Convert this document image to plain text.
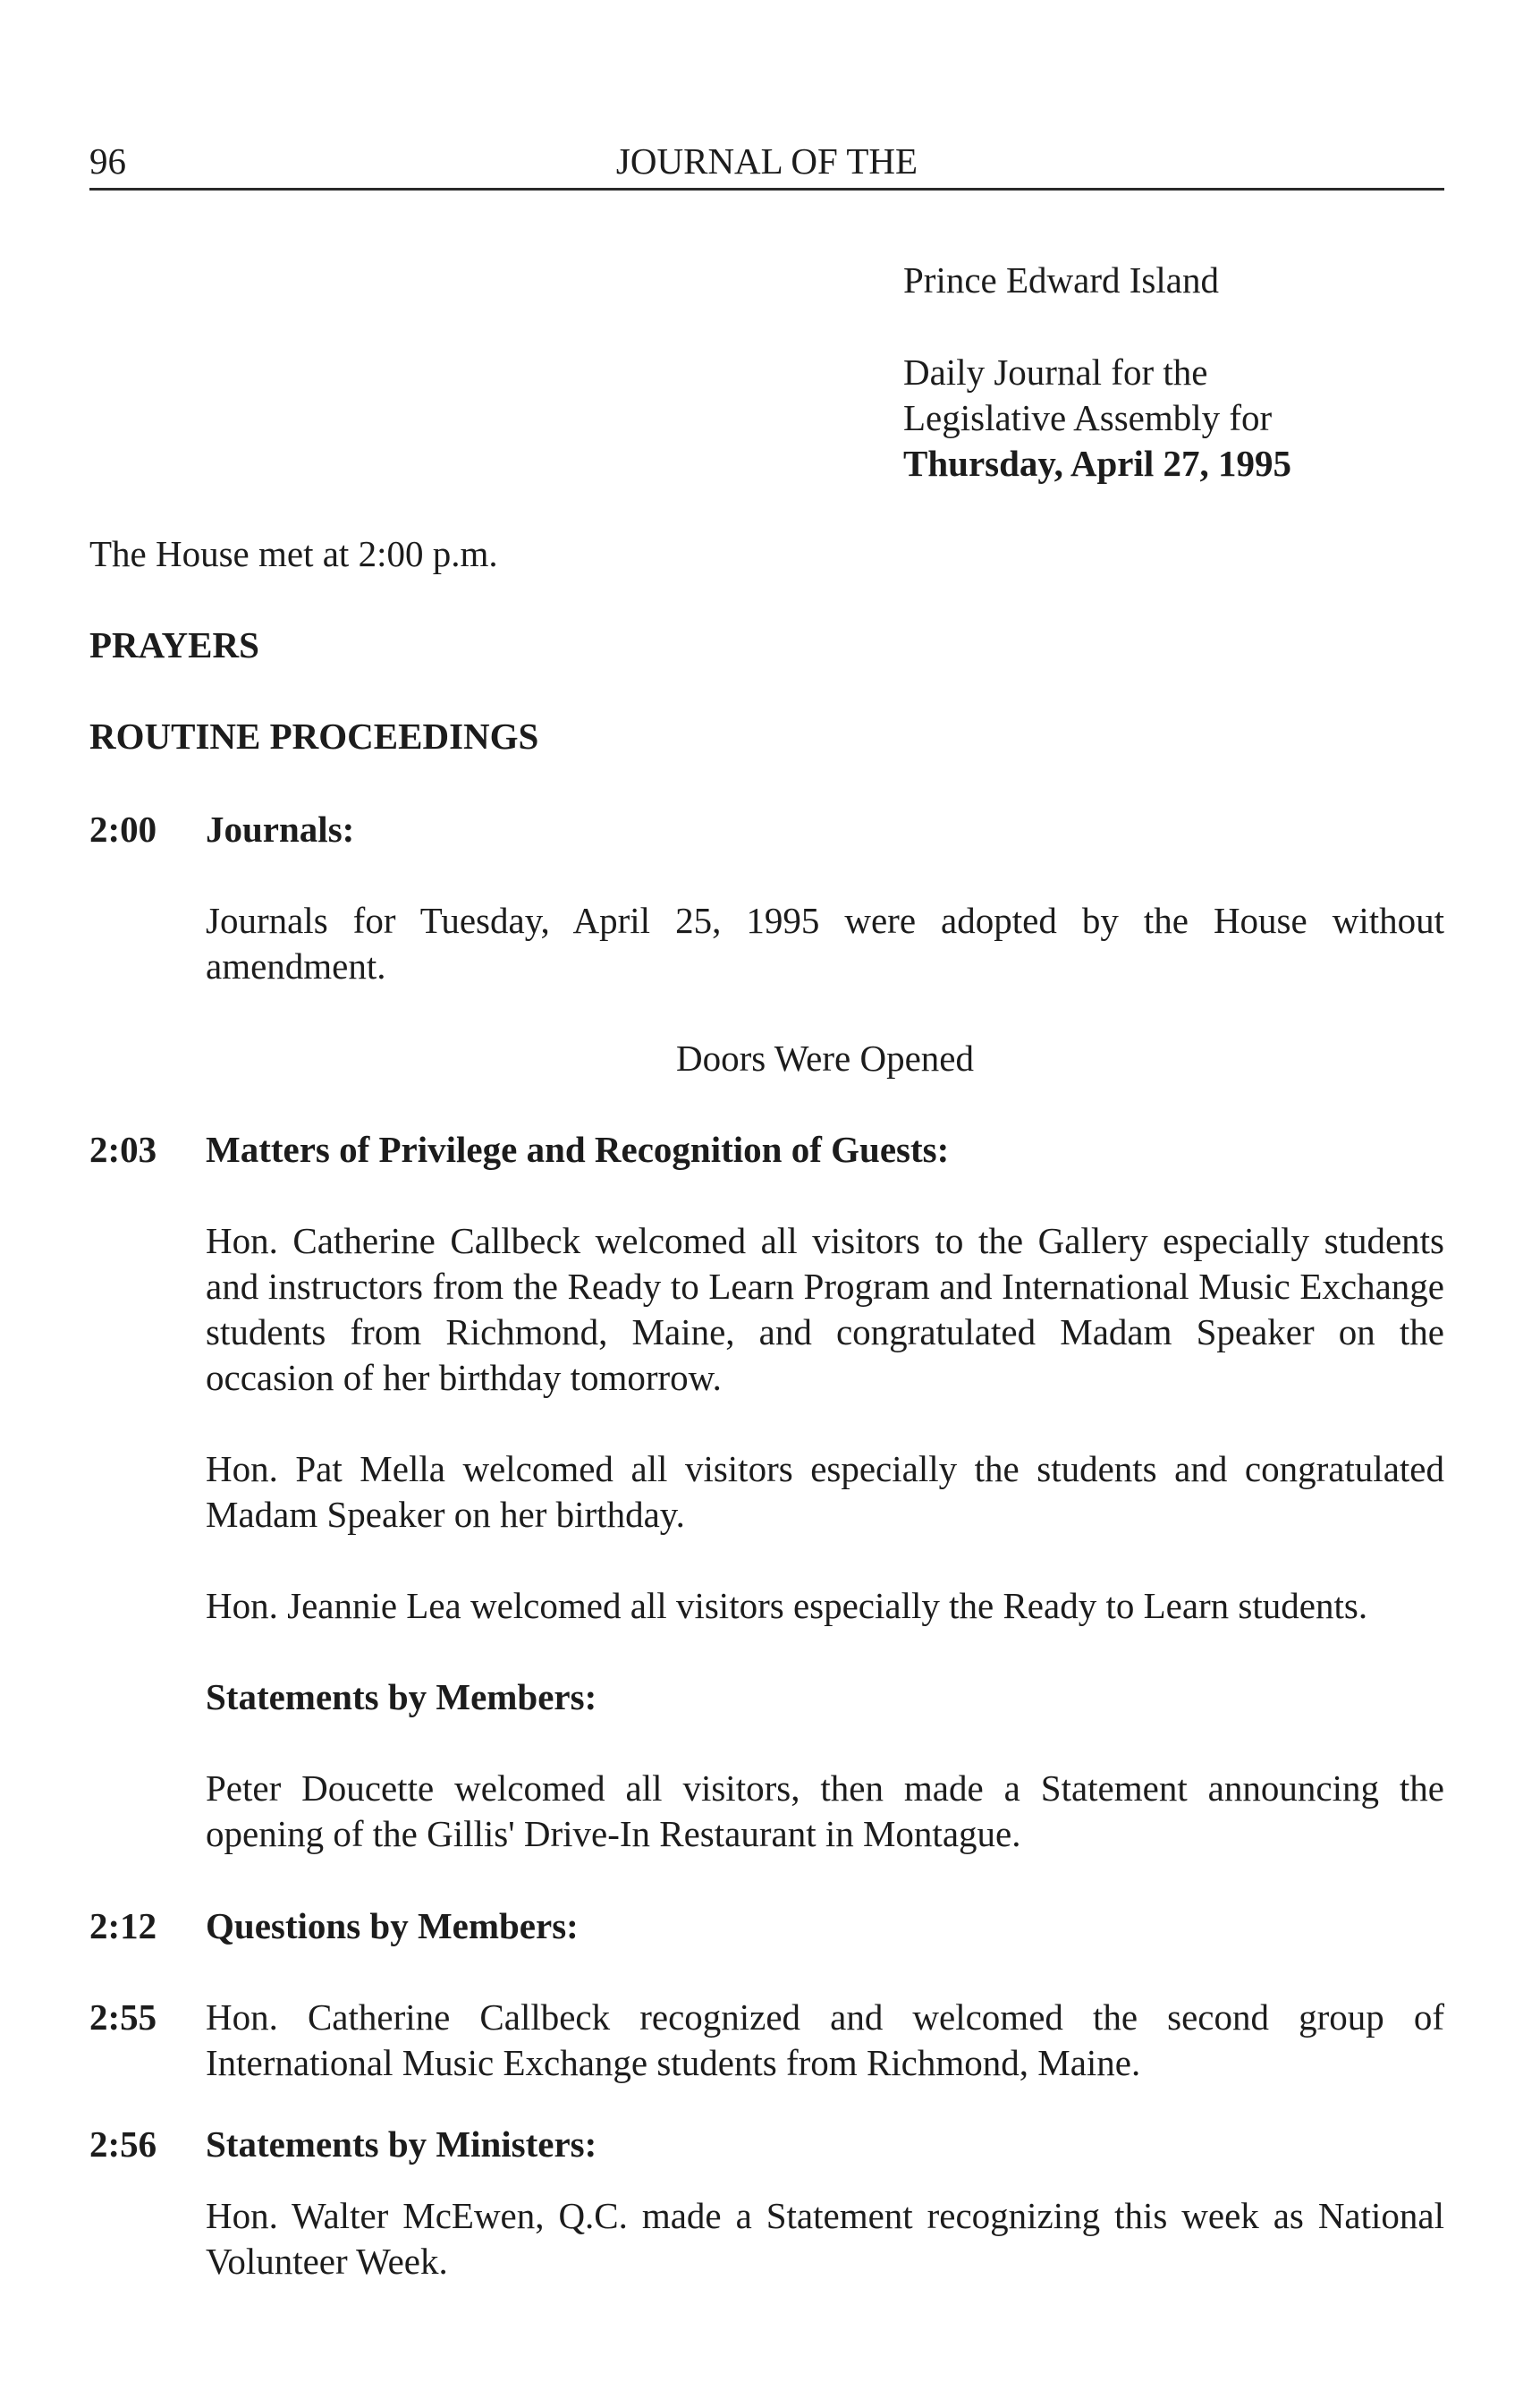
96	JOURNAL OF THE

Prince Edward Island

Daily Journal for the

Legislative Assembly for

Thursday, April 27, 1995

The House met at 2:00 p.m.

PRAYERS

ROUTINE PROCEEDINGS

2:00 Journals:

Journals for Tuesday, April 25, 1995 were adopted by the House without amendment.

Doors Were Opened
2:03 Matters of Privilege and Recognition of Guests:

Hon. Catherine Callbeck welcomed all visitors to the Gallery especially students and instructors from the Ready to Learn Program and International Music Exchange students from Richmond, Maine, and congratulated Madam Speaker on the occasion of her birthday tomorrow.

Hon. Pat Mella welcomed all visitors especially the students and congratulated Madam Speaker on her birthday.

Hon. Jeannie Lea welcomed all visitors especially the Ready to Learn students.

Statements by Members:

Peter Doucette welcomed all visitors, then made a Statement announcing the opening of the Gillis' Drive-In Restaurant in Montague.

2:12 Questions by Members:
2:55 Hon. Catherine Callbeck recognized and welcomed the second group of International Music Exchange students from Richmond, Maine.

2:56 Statements by Ministers:

Hon. Walter McEwen, Q.C. made a Statement recognizing this week as National Volunteer Week.
